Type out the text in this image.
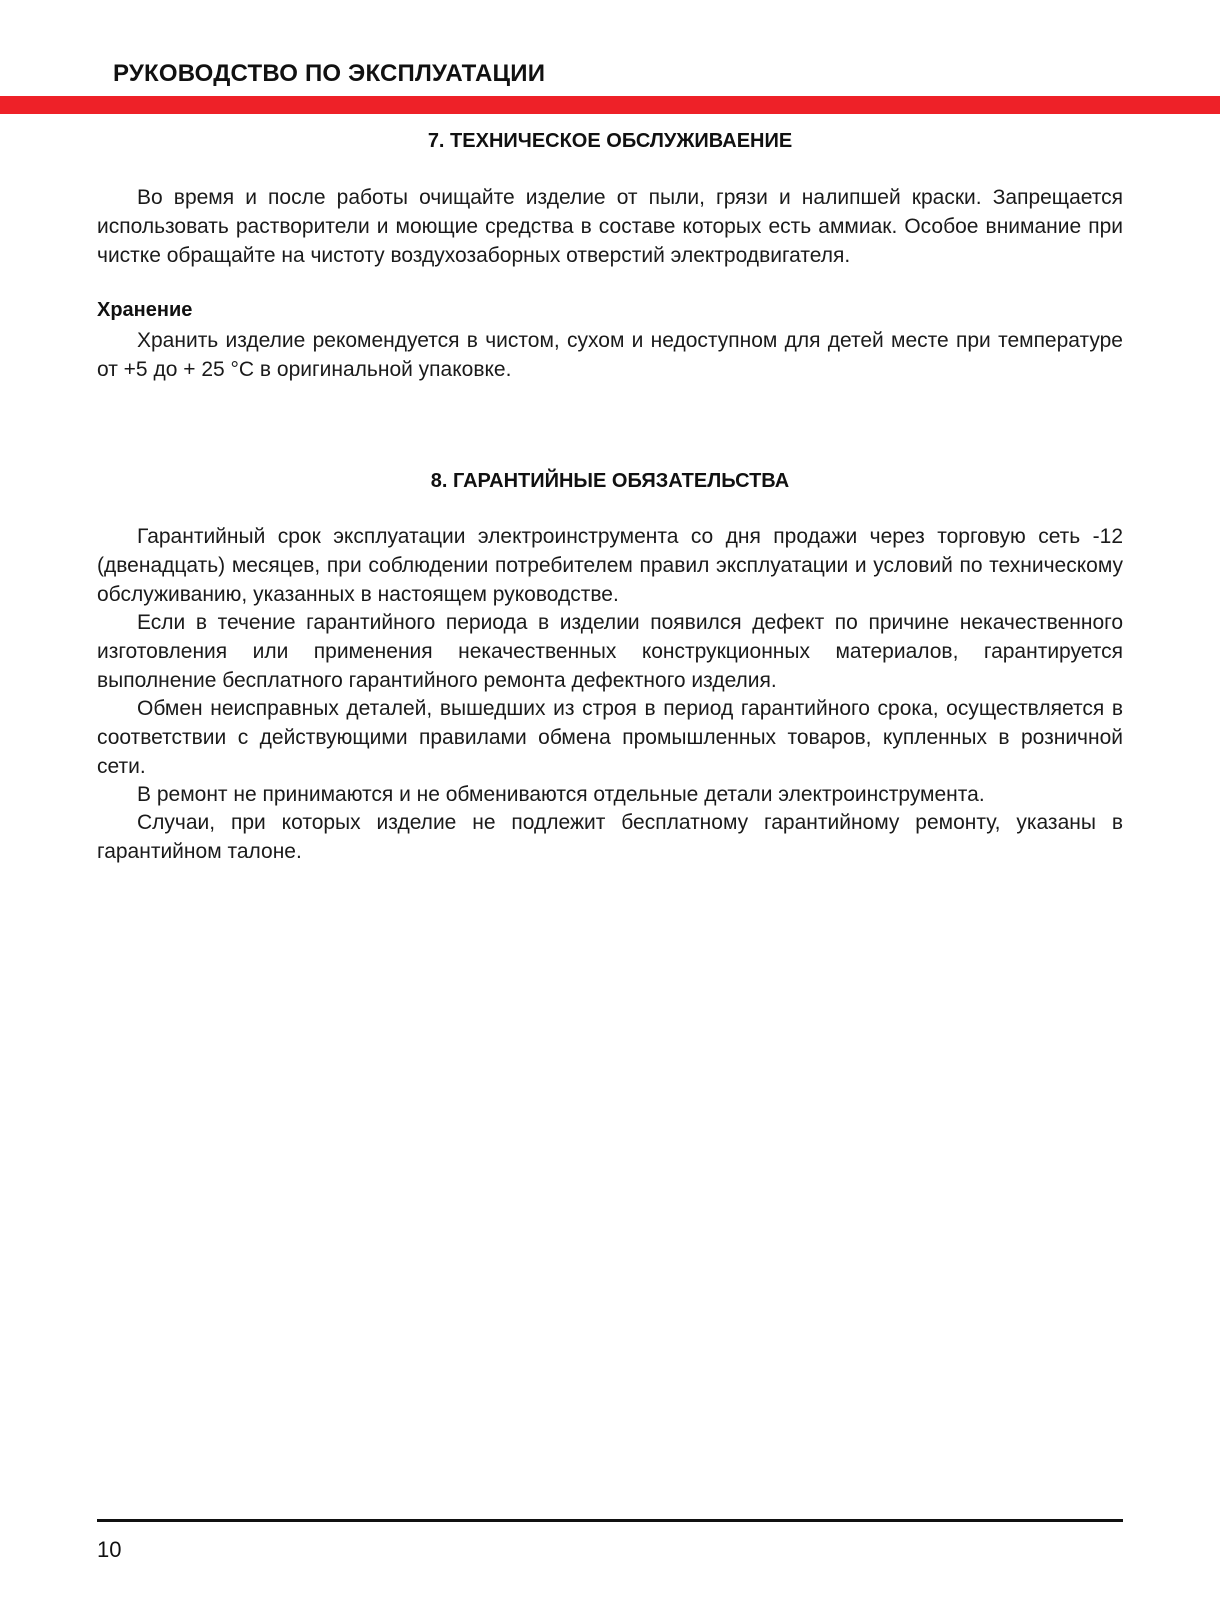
РУКОВОДСТВО ПО ЭКСПЛУАТАЦИИ
7. ТЕХНИЧЕСКОЕ ОБСЛУЖИВАЕНИЕ
Во время и после работы очищайте изделие от пыли, грязи и налипшей краски. Запрещается использовать растворители и моющие средства в составе которых есть аммиак. Особое внимание при чистке обращайте на чистоту воздухозаборных отверстий электродвигателя.
Хранение
Хранить изделие рекомендуется в чистом, сухом и недоступном для детей месте при температуре от +5 до + 25 °С в оригинальной упаковке.
8. ГАРАНТИЙНЫЕ ОБЯЗАТЕЛЬСТВА
Гарантийный срок эксплуатации электроинструмента со дня продажи через торговую сеть -12 (двенадцать) месяцев, при соблюдении потребителем правил эксплуатации и условий по техническому обслуживанию, указанных в настоящем руководстве.
Если в течение гарантийного периода в изделии появился дефект по причине некачественного изготовления или применения некачественных конструкционных материалов, гарантируется выполнение бесплатного гарантийного ремонта дефектного изделия.
Обмен неисправных деталей, вышедших из строя в период гарантийного срока, осуществляется в соответствии с действующими правилами обмена промышленных товаров, купленных в розничной сети.
В ремонт не принимаются и не обмениваются отдельные детали электроинструмента.
Случаи, при которых изделие не подлежит бесплатному гарантийному ремонту, указаны в гарантийном талоне.
10
